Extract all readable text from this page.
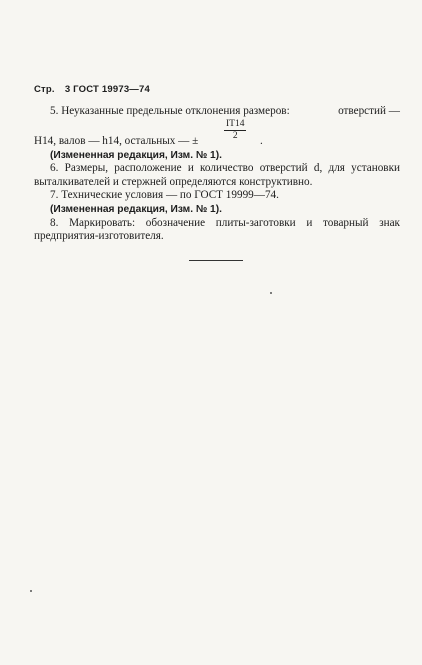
Стр. 3 ГОСТ 19973—74
5. Неуказанные предельные отклонения размеров:	отверстий —
H14, валов — h14, остальных — ±	$\frac{IT14}{2}$ .

(Измененная редакция, Изм. № 1).

6. Размеры, расположение и количество отверстий d, для установки выталкивателей и стержней определяются конструктивно.

7. Технические условия — по ГОСТ 19999—74.

(Измененная редакция, Изм. № 1).

8. Маркировать: обозначение плиты-заготовки и товарный знак предприятия-изготовителя.
